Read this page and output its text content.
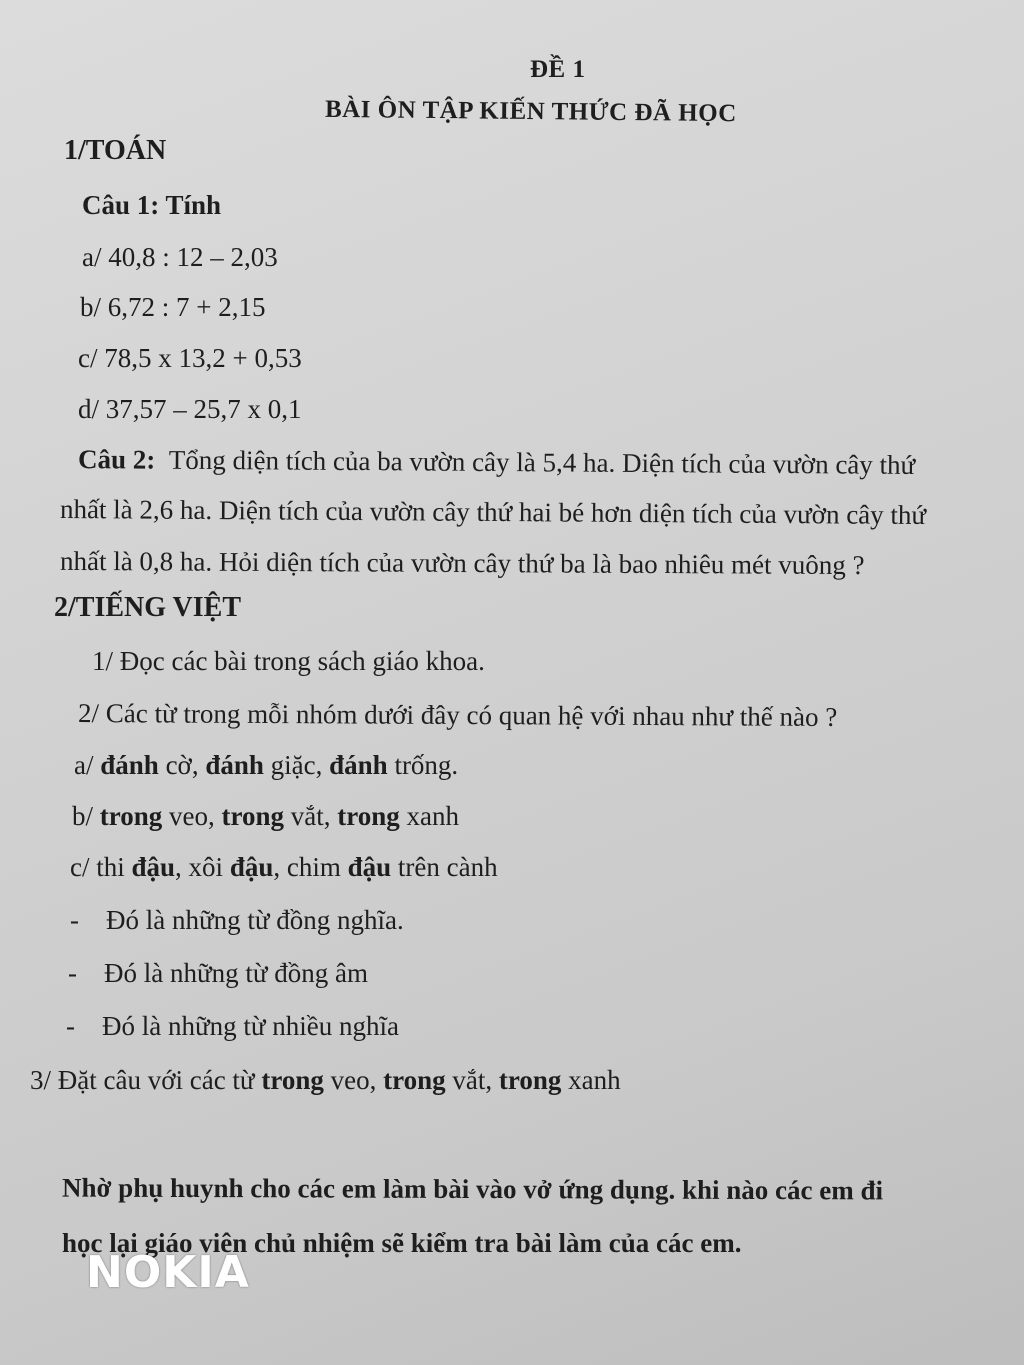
ĐỀ 1
BÀI ÔN TẬP KIẾN THỨC ĐÃ HỌC
1/TOÁN
Câu 1: Tính
a/ 40,8 : 12 – 2,03
b/ 6,72 : 7 + 2,15
c/ 78,5 x 13,2 + 0,53
d/ 37,57 – 25,7 x 0,1
Câu 2: Tổng diện tích của ba vườn cây là 5,4 ha. Diện tích của vườn cây thứ
nhất là 2,6 ha. Diện tích của vườn cây thứ hai bé hơn diện tích của vườn cây thứ
nhất là 0,8 ha. Hỏi diện tích của vườn cây thứ ba là bao nhiêu mét vuông ?
2/TIẾNG VIỆT
1/ Đọc các bài trong sách giáo khoa.
2/ Các từ trong mỗi nhóm dưới đây có quan hệ với nhau như thế nào ?
a/ đánh cờ, đánh giặc, đánh trống.
b/ trong veo, trong vắt, trong xanh
c/ thi đậu, xôi đậu, chim đậu trên cành
- Đó là những từ đồng nghĩa.
- Đó là những từ đồng âm
- Đó là những từ nhiều nghĩa
3/ Đặt câu với các từ trong veo, trong vắt, trong xanh
Nhờ phụ huynh cho các em làm bài vào vở ứng dụng. khi nào các em đi
học lại giáo viên chủ nhiệm sẽ kiểm tra bài làm của các em.
NOKIA
